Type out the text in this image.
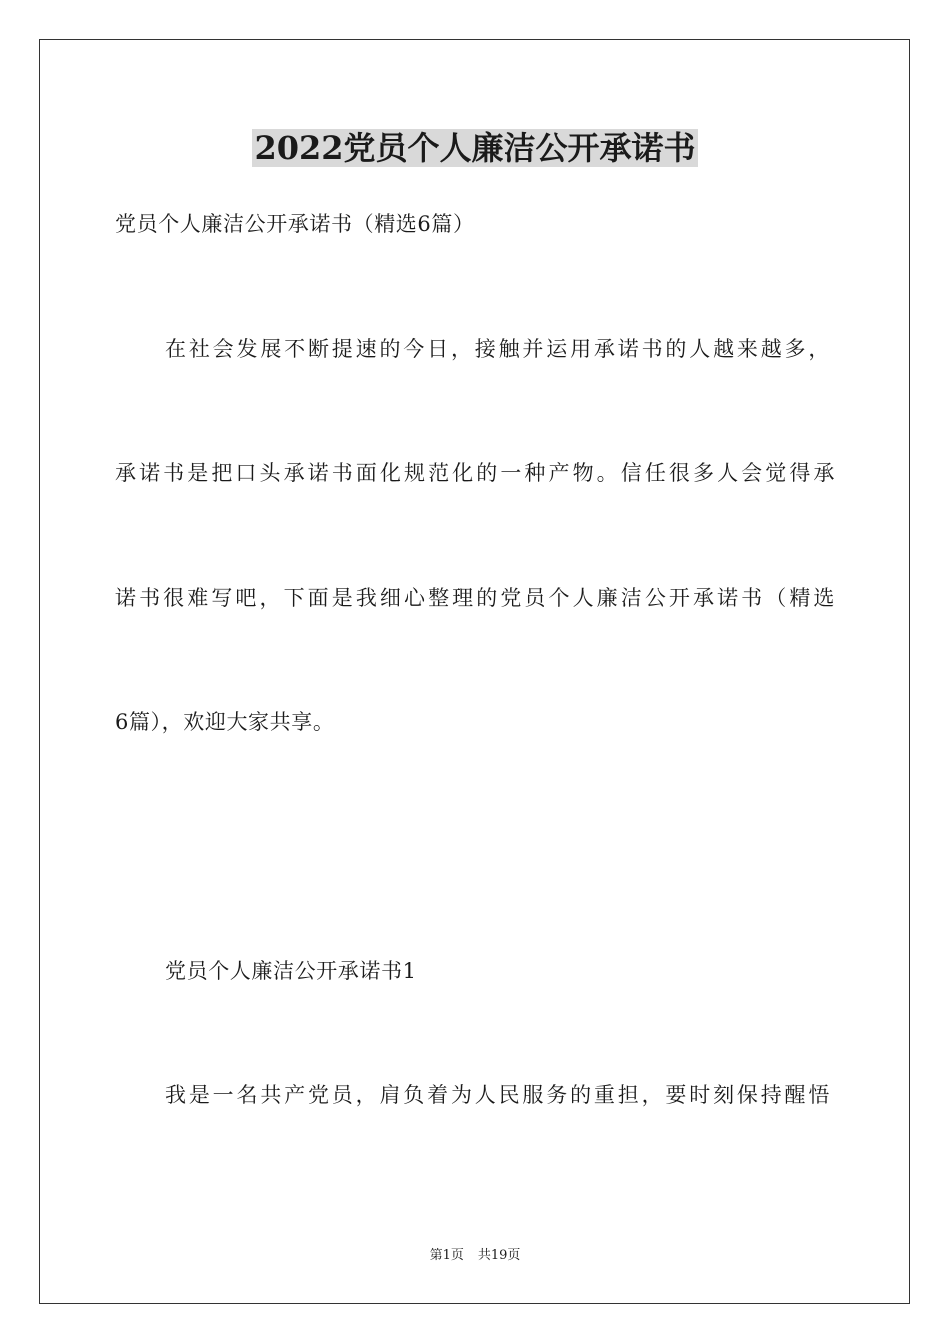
2022党员个人廉洁公开承诺书
党员个人廉洁公开承诺书（精选6篇）
在社会发展不断提速的今日，接触并运用承诺书的人越来越多，
承诺书是把口头承诺书面化规范化的一种产物。信任很多人会觉得承
诺书很难写吧，下面是我细心整理的党员个人廉洁公开承诺书（精选
6篇），欢迎大家共享。
党员个人廉洁公开承诺书1
我是一名共产党员，肩负着为人民服务的重担，要时刻保持醒悟
第1页 共19页
